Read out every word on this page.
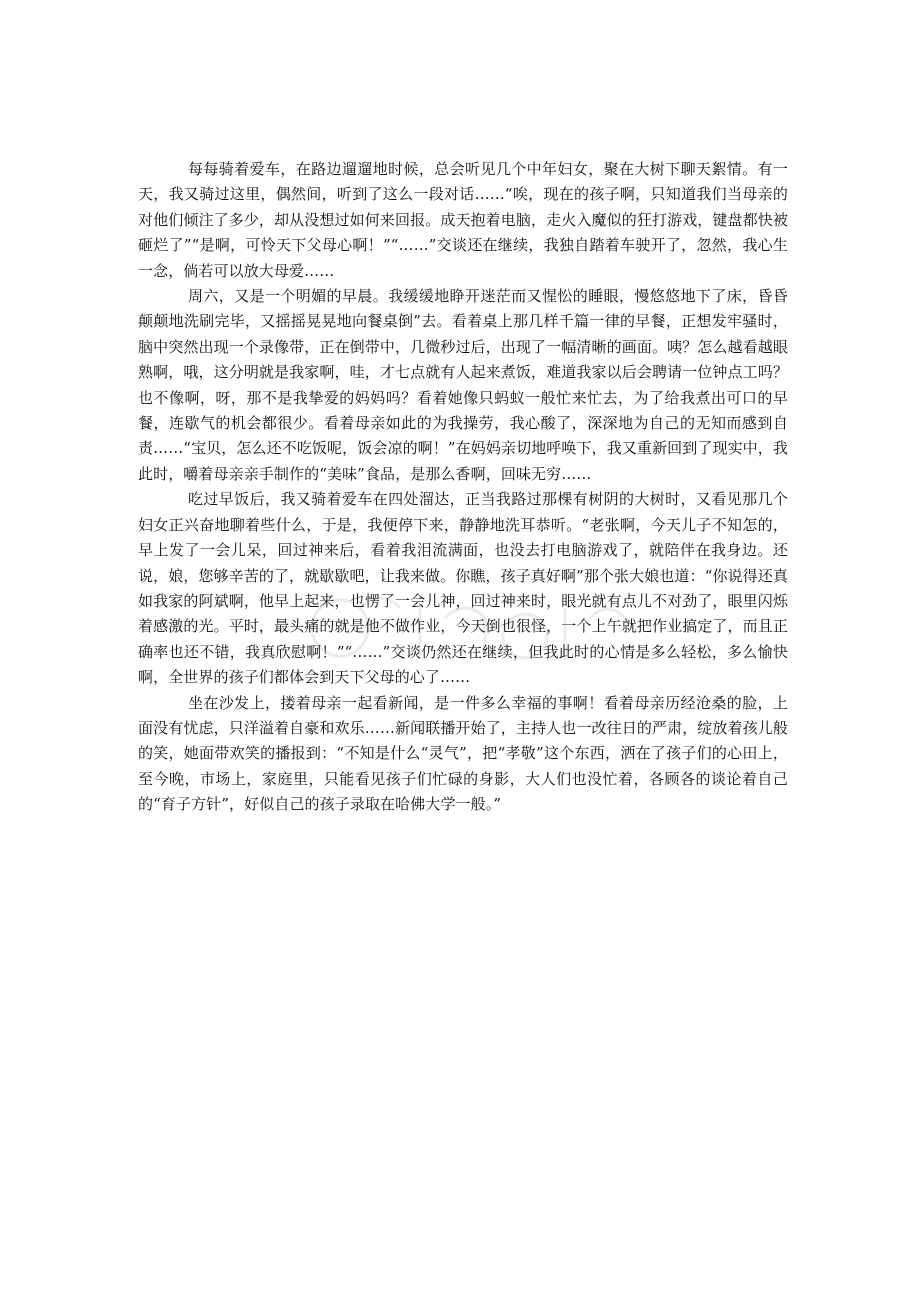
每每骑着爱车，在路边遛遛地时候，总会听见几个中年妇女，聚在大树下聊天絮情。有一天，我又骑过这里，偶然间，听到了这么一段对话……“唉，现在的孩子啊，只知道我们当母亲的对他们倾注了多少，却从没想过如何来回报。成天抱着电脑，走火入魔似的狂打游戏，键盘都快被砸烂了”“是啊，可怜天下父母心啊！”“……”交谈还在继续，我独自踏着车驶开了，忽然，我心生一念，倘若可以放大母爱……

周六，又是一个明媚的早晨。我缓缓地睁开迷茫而又惺忪的睡眼，慢悠悠地下了床，昏昏颠颠地洗刷完毕，又摇摇晃晃地向餐桌倒”去。看着桌上那几样千篇一律的早餐，正想发牢骚时，脑中突然出现一个录像带，正在倒带中，几微秒过后，出现了一幅清晰的画面。咦？怎么越看越眼熟啊，哦，这分明就是我家啊，哇，才七点就有人起来煮饭，难道我家以后会聘请一位钟点工吗？也不像啊，呀，那不是我挚爱的妈妈吗？看着她像只蚂蚁一般忙来忙去，为了给我煮出可口的早餐，连歇气的机会都很少。看着母亲如此的为我操劳，我心酸了，深深地为自己的无知而感到自责……“宝贝，怎么还不吃饭呢，饭会凉的啊！”在妈妈亲切地呼唤下，我又重新回到了现实中，我此时，嚼着母亲亲手制作的“美味”食品，是那么香啊，回味无穷……

吃过早饭后，我又骑着爱车在四处溜达，正当我路过那棵有树阴的大树时，又看见那几个妇女正兴奋地聊着些什么，于是，我便停下来，静静地洗耳恭听。“老张啊，今天儿子不知怎的，早上发了一会儿呆，回过神来后，看着我泪流满面，也没去打电脑游戏了，就陪伴在我身边。还说，娘，您够辛苦的了，就歇歇吧，让我来做。你瞧，孩子真好啊”那个张大娘也道：“你说得还真如我家的阿斌啊，他早上起来，也愣了一会儿神，回过神来时，眼光就有点儿不对劲了，眼里闪烁着感激的光。平时，最头痛的就是他不做作业，今天倒也很怪，一个上午就把作业搞定了，而且正确率也还不错，我真欣慰啊！”“……”交谈仍然还在继续，但我此时的心情是多么轻松，多么愉快啊，全世界的孩子们都体会到天下父母的心了……

坐在沙发上，搂着母亲一起看新闻，是一件多么幸福的事啊！看着母亲历经沧桑的脸，上面没有忧虑，只洋溢着自豪和欢乐……新闻联播开始了，主持人也一改往日的严肃，绽放着孩儿般的笑，她面带欢笑的播报到：“不知是什么“灵气”，把“孝敬”这个东西，洒在了孩子们的心田上，至今晚，市场上，家庭里，只能看见孩子们忙碌的身影，大人们也没忙着，各顾各的谈论着自己的“育子方针”，好似自己的孩子录取在哈佛大学一般。”
